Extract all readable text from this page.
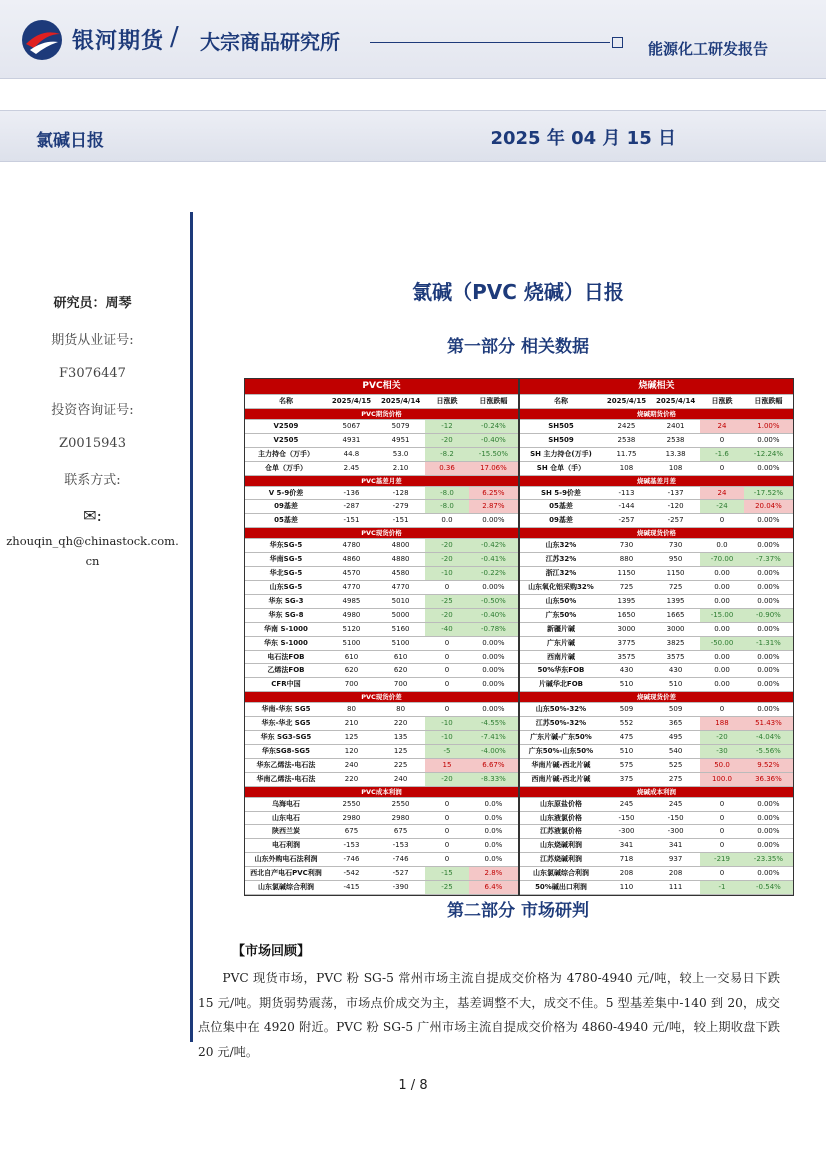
银河期货 / 大宗商品研究所	能源化工研发报告
氯碱日报	2025 年 04 月 15 日
研究员：周琴
期货从业证号:
F3076447
投资咨询证号:
Z0015943
联系方式:
✉:
zhouqin_qh@chinastock.com.cn
氯碱（PVC 烧碱）日报
第一部分 相关数据
PVC相关				
名称	2025/4/15	2025/4/14	日涨跌	日涨跌幅
PVC期货价格				
V2509	5067	5079	-12	-0.24%
V2505	4931	4951	-20	-0.40%
主力持仓（万手）	44.8	53.0	-8.2	-15.50%
仓单（万手）	2.45	2.10	0.36	17.06%
PVC基差月差				
V 5-9价差	-136	-128	-8.0	6.25%
09基差	-287	-279	-8.0	2.87%
05基差	-151	-151	0.0	0.00%
PVC现货价格				
华东SG-5	4780	4800	-20	-0.42%
华南SG-5	4860	4880	-20	-0.41%
华北SG-5	4570	4580	-10	-0.22%
山东SG-5	4770	4770	0	0.00%
华东 SG-3	4985	5010	-25	-0.50%
华东 SG-8	4980	5000	-20	-0.40%
华南 S-1000	5120	5160	-40	-0.78%
华东 S-1000	5100	5100	0	0.00%
电石法FOB	610	610	0	0.00%
乙烯法FOB	620	620	0	0.00%
CFR中国	700	700	0	0.00%
PVC现货价差				
华南-华东 SG5	80	80	0	0.00%
华东-华北 SG5	210	220	-10	-4.55%
华东 SG3-SG5	125	135	-10	-7.41%
华东SG8-SG5	120	125	-5	-4.00%
华东乙烯法-电石法	240	225	15	6.67%
华南乙烯法-电石法	220	240	-20	-8.33%
PVC成本利润				
乌海电石	2550	2550	0	0.0%
山东电石	2980	2980	0	0.0%
陕西兰炭	675	675	0	0.0%
电石利润	-153	-153	0	0.0%
山东外购电石法利润	-746	-746	0	0.0%
西北自产电石PVC利润	-542	-527	-15	2.8%
山东氯碱综合利润	-415	-390	-25	6.4%
烧碱相关				
名称	2025/4/15	2025/4/14	日涨跌	日涨跌幅
烧碱期货价格				
SH505	2425	2401	24	1.00%
SH509	2538	2538	0	0.00%
SH 主力持仓(万手)	11.75	13.38	-1.6	-12.24%
SH 仓单（手）	108	108	0	0.00%
烧碱基差月差				
SH 5-9价差	-113	-137	24	-17.52%
05基差	-144	-120	-24	20.04%
09基差	-257	-257	0	0.00%
烧碱现货价格				
山东32%	730	730	0.0	0.00%
江苏32%	880	950	-70.00	-7.37%
浙江32%	1150	1150	0.00	0.00%
山东氧化铝采购32%	725	725	0.00	0.00%
山东50%	1395	1395	0.00	0.00%
广东50%	1650	1665	-15.00	-0.90%
新疆片碱	3000	3000	0.00	0.00%
广东片碱	3775	3825	-50.00	-1.31%
西南片碱	3575	3575	0.00	0.00%
50%华东FOB	430	430	0.00	0.00%
片碱华北FOB	510	510	0.00	0.00%
烧碱现货价差				
山东50%-32%	509	509	0	0.00%
江苏50%-32%	552	365	188	51.43%
广东片碱-广东50%	475	495	-20	-4.04%
广东50%-山东50%	510	540	-30	-5.56%
华南片碱-西北片碱	575	525	50.0	9.52%
西南片碱-西北片碱	375	275	100.0	36.36%
烧碱成本利润				
山东原盐价格	245	245	0	0.00%
山东液氯价格	-150	-150	0	0.00%
江苏液氯价格	-300	-300	0	0.00%
山东烧碱利润	341	341	0	0.00%
江苏烧碱利润	718	937	-219	-23.35%
山东氯碱综合利润	208	208	0	0.00%
50%碱出口利润	110	111	-1	-0.54%
第二部分 市场研判
【市场回顾】
PVC 现货市场，PVC 粉 SG-5 常州市场主流自提成交价格为 4780-4940 元/吨，较上一交易日下跌 15 元/吨。期货弱势震荡，市场点价成交为主，基差调整不大，成交不佳。5 型基差集中-140 到 20，成交点位集中在 4920 附近。PVC 粉 SG-5 广州市场主流自提成交价格为 4860-4940 元/吨，较上期收盘下跌 20 元/吨。
1 / 8
